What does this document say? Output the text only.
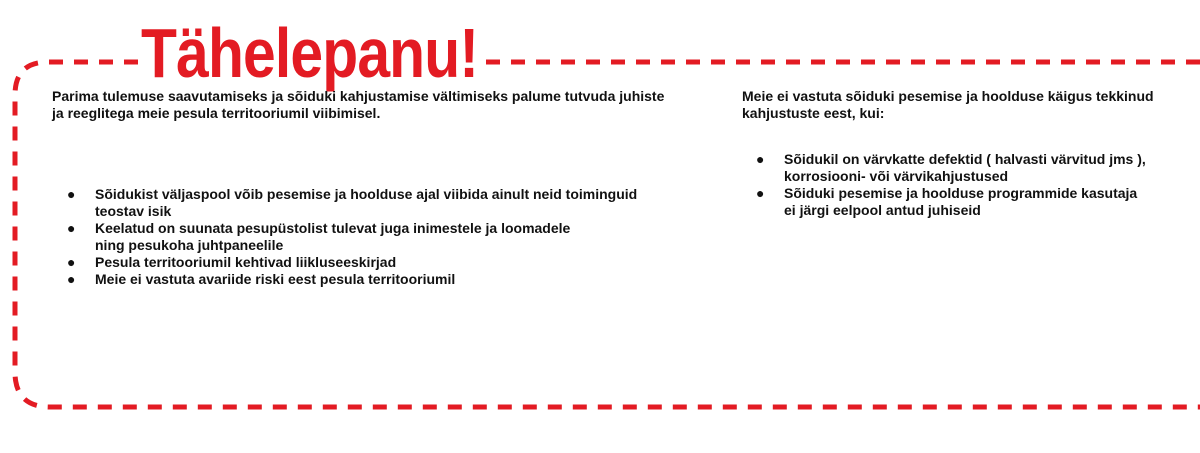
Tähelepanu!

Parima tulemuse saavutamiseks ja sõiduki kahjustamise vältimiseks palume tutvuda juhiste ja reeglitega meie pesula territooriumil viibimisel.

● Sõidukist väljaspool võib pesemise ja hoolduse ajal viibida ainult neid toiminguid
teostav isik
● Keelatud on suunata pesupüstolist tulevat juga inimestele ja loomadele
ning pesukoha juhtpaneelile
● Pesula territooriumil kehtivad liikluseeskirjad
● Meie ei vastuta avariide riski eest pesula territooriumil

Meie ei vastuta sõiduki pesemise ja hoolduse käigus tekkinud
kahjustuste eest, kui:

● Sõidukil on värvkatte defektid ( halvasti värvitud jms ),
korrosiooni- või värvikahjustused
● Sõiduki pesemise ja hoolduse programmide kasutaja
ei järgi eelpool antud juhiseid
